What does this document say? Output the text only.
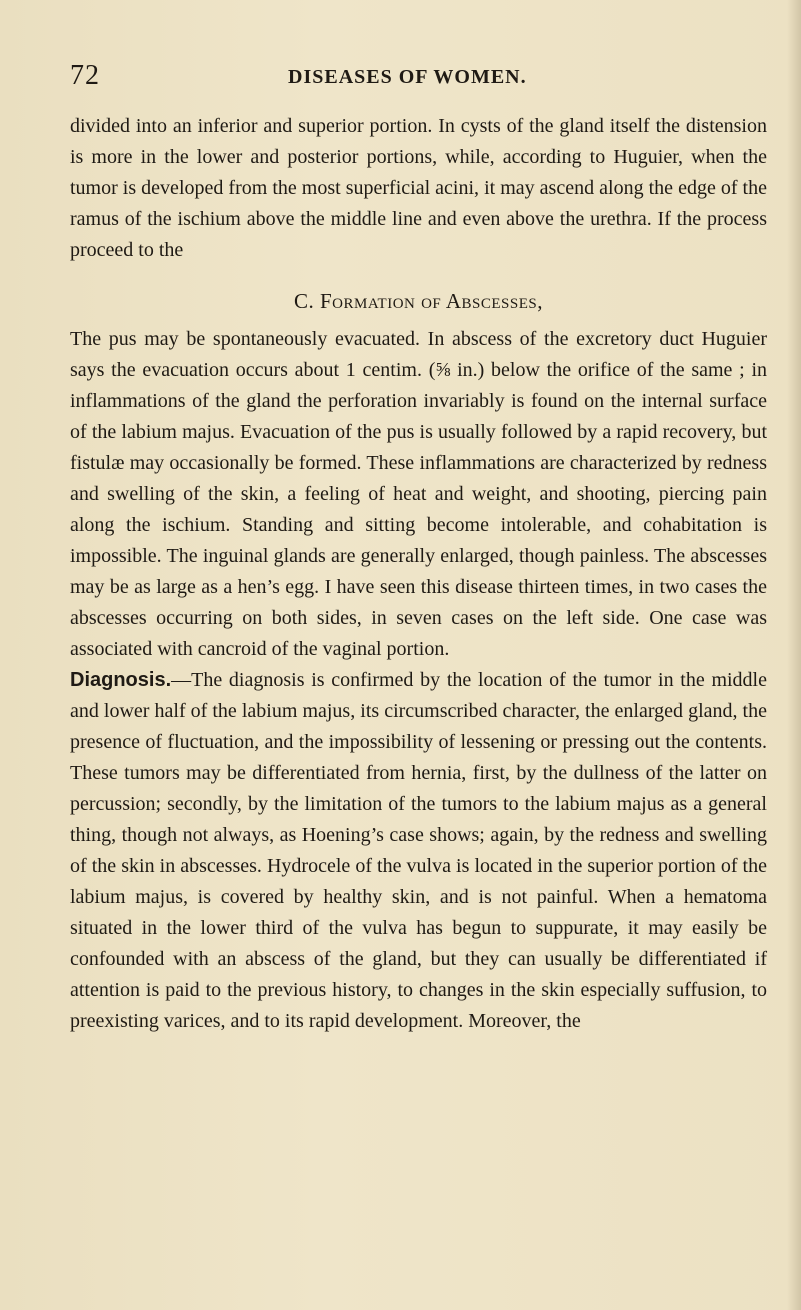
72	DISEASES OF WOMEN.

divided into an inferior and superior portion. In cysts of the gland itself the distension is more in the lower and posterior portions, while, according to Huguier, when the tumor is developed from the most superficial acini, it may ascend along the edge of the ramus of the ischium above the middle line and even above the urethra. If the process proceed to the

C. Formation of Abscesses,

The pus may be spontaneously evacuated. In abscess of the excretory duct Huguier says the evacuation occurs about 1 centim. (⅝ in.) below the orifice of the same ; in inflammations of the gland the perforation invariably is found on the internal surface of the labium majus. Evacuation of the pus is usually followed by a rapid recovery, but fistulæ may occasionally be formed. These inflammations are characterized by redness and swelling of the skin, a feeling of heat and weight, and shooting, piercing pain along the ischium. Standing and sitting become intolerable, and cohabitation is impossible. The inguinal glands are generally enlarged, though painless. The abscesses may be as large as a hen’s egg. I have seen this disease thirteen times, in two cases the abscesses occurring on both sides, in seven cases on the left side. One case was associated with cancroid of the vaginal portion.

Diagnosis.—The diagnosis is confirmed by the location of the tumor in the middle and lower half of the labium majus, its circumscribed character, the enlarged gland, the presence of fluctuation, and the impossibility of lessening or pressing out the contents. These tumors may be differentiated from hernia, first, by the dullness of the latter on percussion; secondly, by the limitation of the tumors to the labium majus as a general thing, though not always, as Hoening’s case shows; again, by the redness and swelling of the skin in abscesses. Hydrocele of the vulva is located in the superior portion of the labium majus, is covered by healthy skin, and is not painful. When a hematoma situated in the lower third of the vulva has begun to suppurate, it may easily be confounded with an abscess of the gland, but they can usually be differentiated if attention is paid to the previous history, to changes in the skin especially suffusion, to preexisting varices, and to its rapid development. Moreover, the
